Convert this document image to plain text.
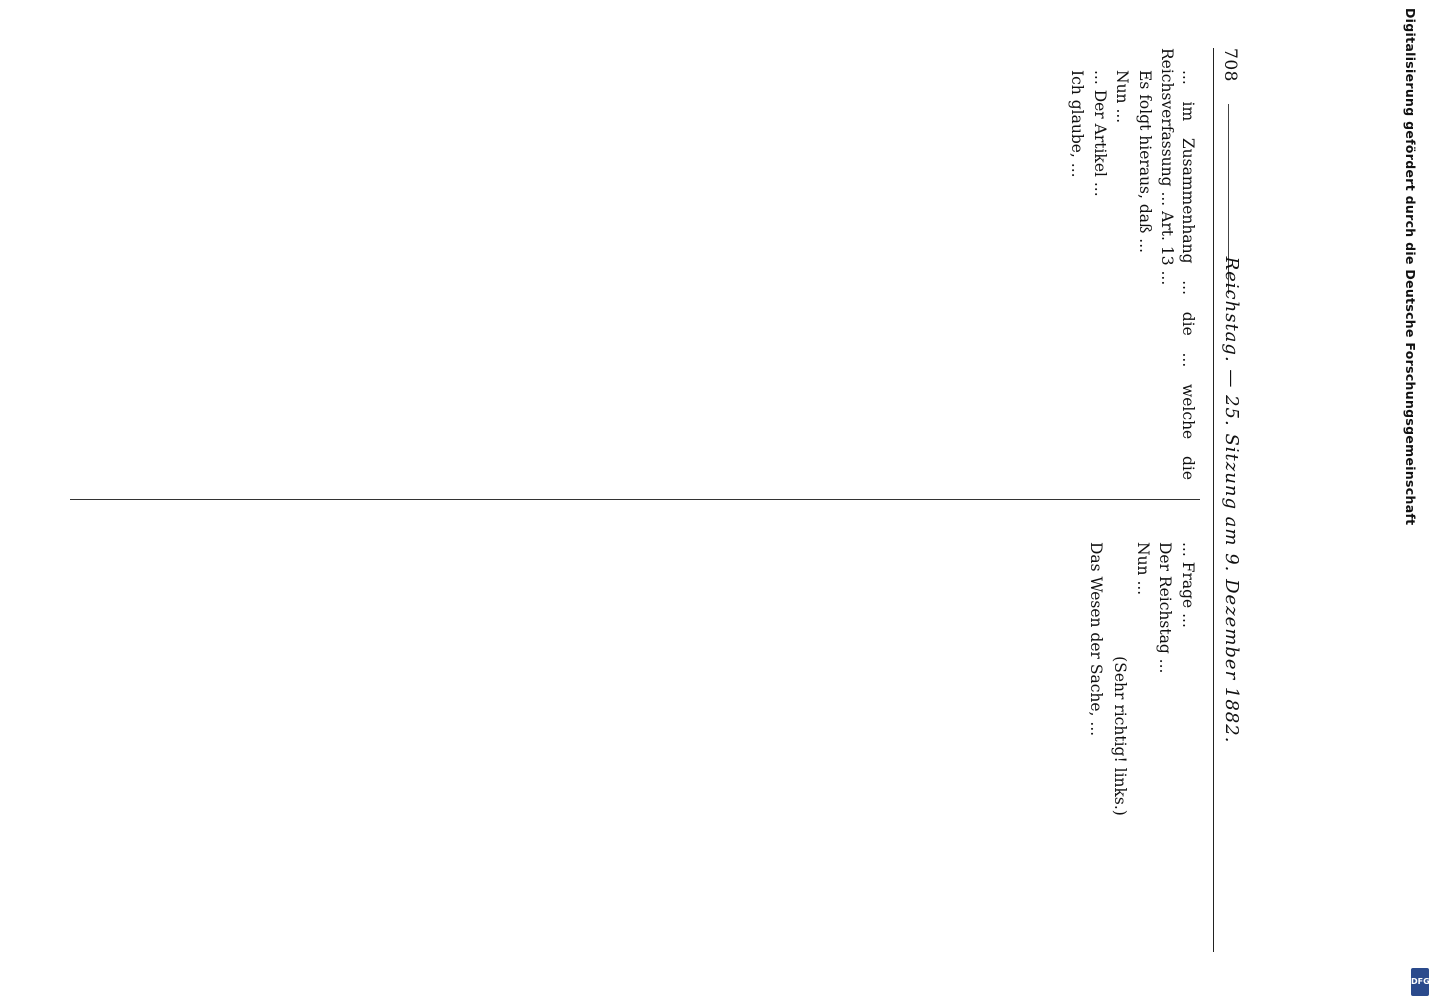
708
Reichstag. — 25. Sitzung am 9. Dezember 1882.

... im Zusammenhang ... die ... welche die Reichsverfassung ... Art. 13 ...

Es folgt hieraus, daß ...

Nun ...

... Der Artikel ...

Ich glaube, ...

... Frage ...

Der Reichstag ...

Nun ...

(Sehr richtig! links.)

Das Wesen der Sache, ...

Digitalisierung gefördert durch die Deutsche Forschungsgemeinschaft
DFG
